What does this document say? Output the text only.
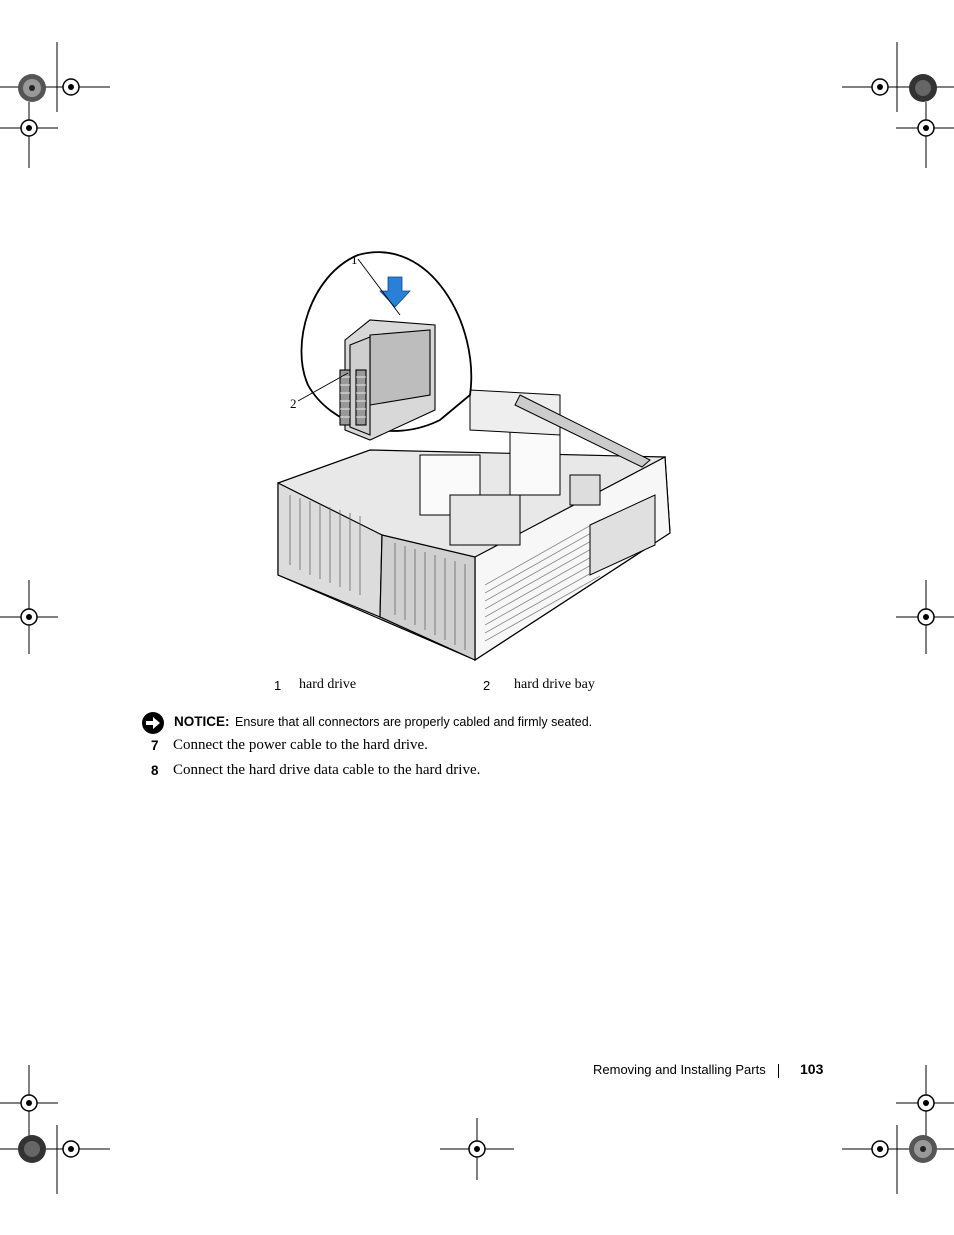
1
2
1 hard drive	2 hard drive bay
NOTICE: Ensure that all connectors are properly cabled and firmly seated.
7 Connect the power cable to the hard drive.
8 Connect the hard drive data cable to the hard drive.
Removing and Installing Parts 103
